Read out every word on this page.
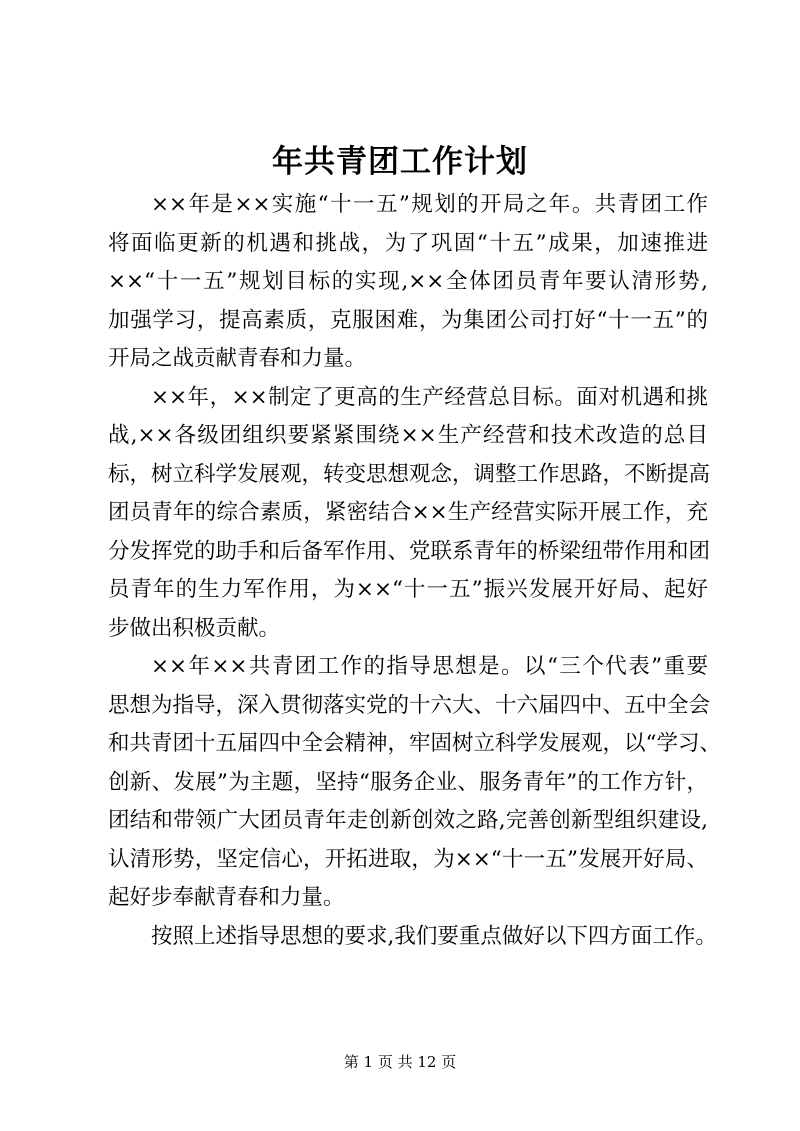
年共青团工作计划
××年是××实施“十一五”规划的开局之年。共青团工作
将面临更新的机遇和挑战，为了巩固“十五”成果，加速推进
××“十一五”规划目标的实现,××全体团员青年要认清形势,
加强学习，提高素质，克服困难，为集团公司打好“十一五”的
开局之战贡献青春和力量。
××年，××制定了更高的生产经营总目标。面对机遇和挑
战,××各级团组织要紧紧围绕××生产经营和技术改造的总目
标，树立科学发展观，转变思想观念，调整工作思路，不断提高
团员青年的综合素质，紧密结合××生产经营实际开展工作，充
分发挥党的助手和后备军作用、党联系青年的桥梁纽带作用和团
员青年的生力军作用，为××“十一五”振兴发展开好局、起好
步做出积极贡献。
××年××共青团工作的指导思想是。以“三个代表”重要
思想为指导，深入贯彻落实党的十六大、十六届四中、五中全会
和共青团十五届四中全会精神，牢固树立科学发展观，以“学习、
创新、发展”为主题，坚持“服务企业、服务青年”的工作方针，
团结和带领广大团员青年走创新创效之路,完善创新型组织建设,
认清形势，坚定信心，开拓进取，为××“十一五”发展开好局、
起好步奉献青春和力量。
按照上述指导思想的要求,我们要重点做好以下四方面工作。
第 1 页 共 12 页
